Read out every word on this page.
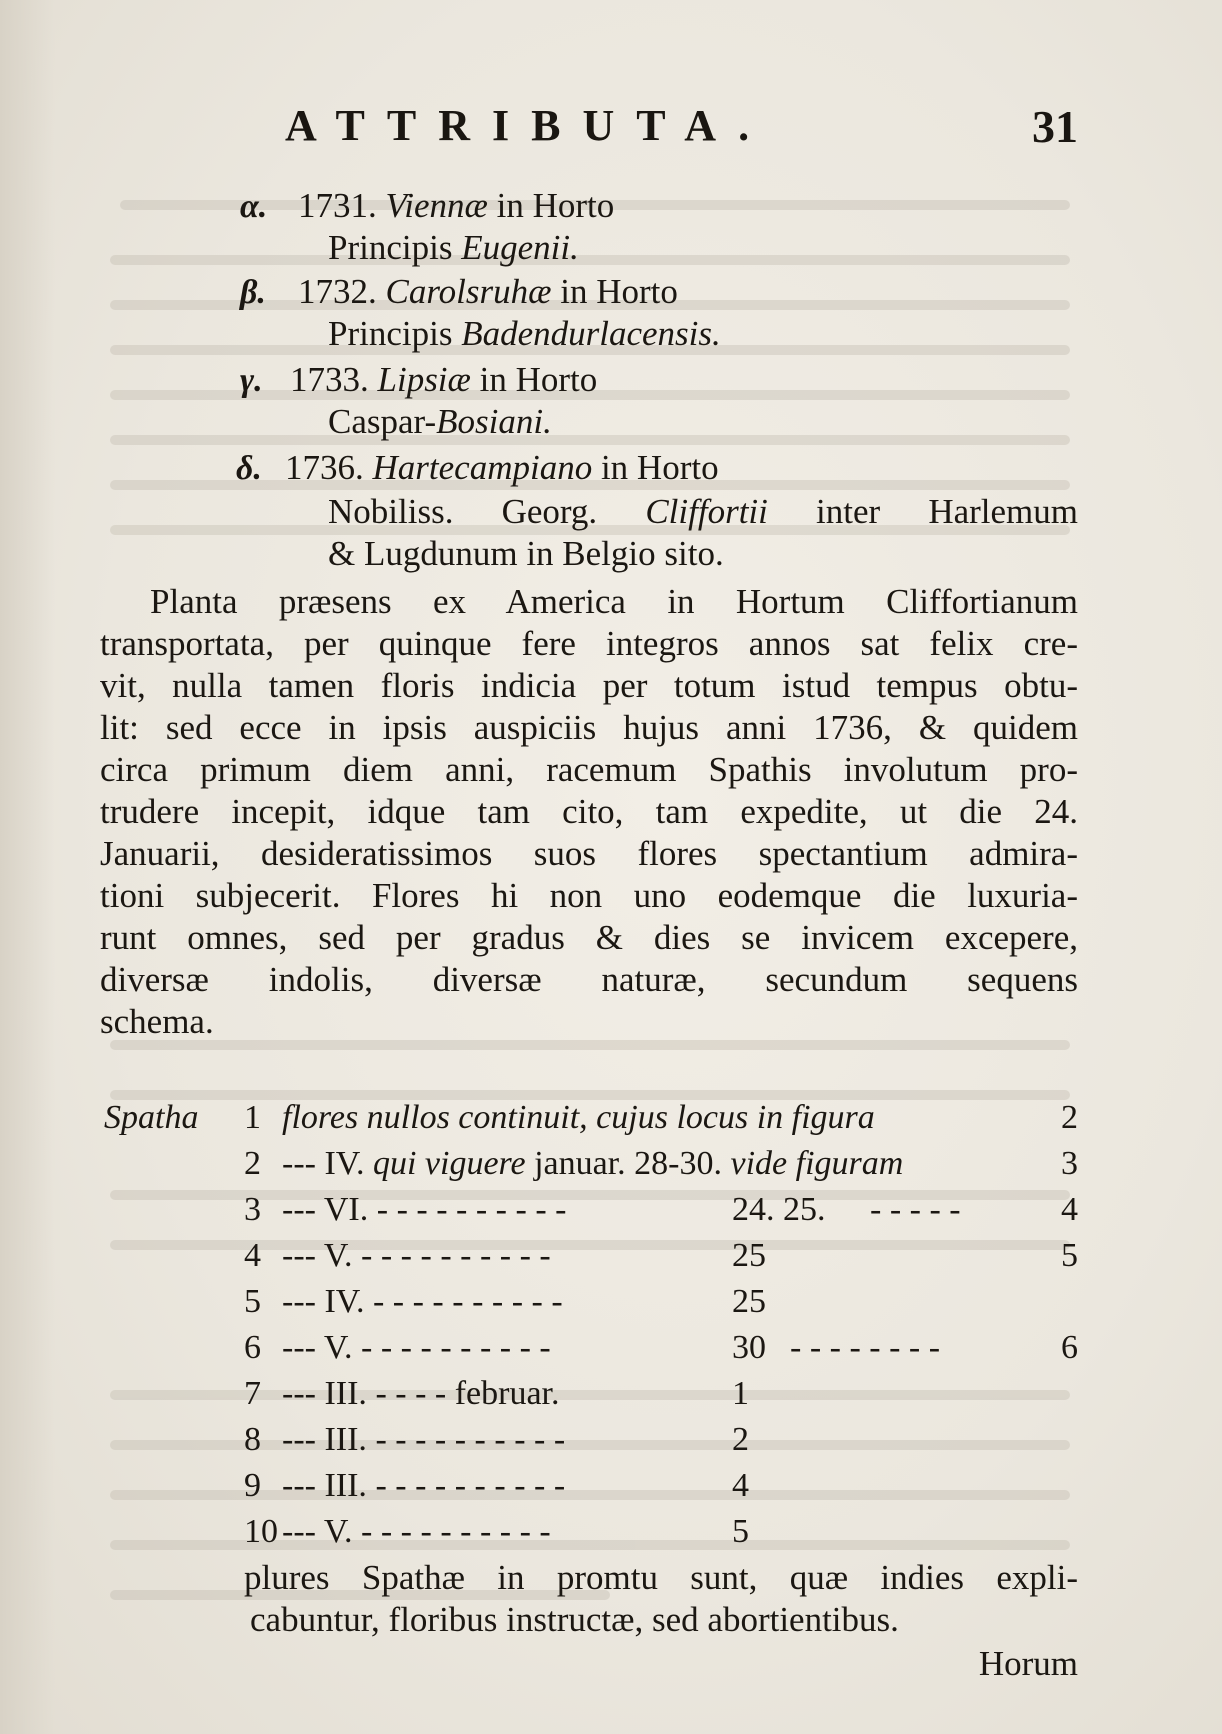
ATTRIBUTA.	31
α. 1731. Viennæ in Horto
Principis Eugenii.
β. 1732. Carolsruhæ in Horto
Principis Badendurlacensis.
γ. 1733. Lipsiæ in Horto
Caspar-Bosiani.
δ. 1736. Hartecampiano in Horto
Nobiliss. Georg. Cliffortii inter Harlemum
& Lugdunum in Belgio sito.
Planta præsens ex America in Hortum Cliffortianum
transportata, per quinque fere integros annos sat felix cre-
vit, nulla tamen floris indicia per totum istud tempus obtu-
lit: sed ecce in ipsis auspiciis hujus anni 1736, & quidem
circa primum diem anni, racemum Spathis involutum pro-
trudere incepit, idque tam cito, tam expedite, ut die 24.
Januarii, desideratissimos suos flores spectantium admira-
tioni subjecerit. Flores hi non uno eodemque die luxuria-
runt omnes, sed per gradus & dies se invicem excepere,
diversæ indolis, diversæ naturæ, secundum sequens
schema.
Spatha 1 flores nullos continuit, cujus locus in figura	2
2 --- IV. qui viguere januar. 28-30. vide figuram	3
3 --- VI. - - - - - - - - - -	24. 25. - - - - -	4
4 --- V. - - - - - - - - - -	25	5
5 --- IV. - - - - - - - - - -	25
6 --- V. - - - - - - - - - -	30 - - - - - - - -	6
7 --- III. - - - - februar.	1
8 --- III. - - - - - - - - - -	2
9 --- III. - - - - - - - - - -	4
10 --- V. - - - - - - - - - -	5
plures Spathæ in promtu sunt, quæ indies expli-
cabuntur, floribus instructæ, sed abortientibus.
Horum
